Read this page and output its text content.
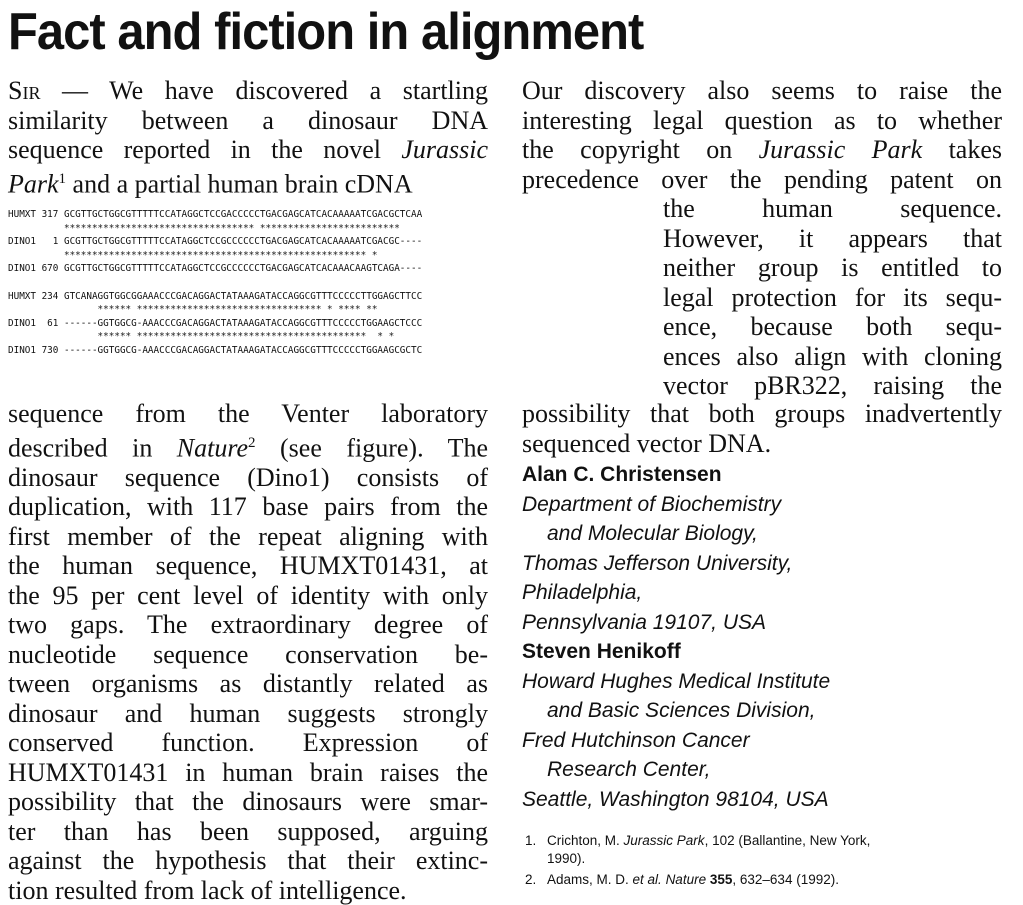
Fact and fiction in alignment
Sir — We have discovered a startling
similarity between a dinosaur DNA
sequence reported in the novel Jurassic
Park$^1$ and a partial human brain cDNA
HUMXT 317 GCGTTGCTGGCGTTTTTCCATAGGCTCCGACCCCCTGACGAGCATCACAAAAATCGACGCTCAA
********************************** *************************
DINO1   1 GCGTTGCTGGCGTTTTTCCATAGGCTCCGCCCCCCTGACGAGCATCACAAAAATCGACGC----
****************************************************** *
DINO1 670 GCGTTGCTGGCGTTTTTCCATAGGCTCCGCCCCCCTGACGAGCATCACAAACAAGTCAGA----

HUMXT 234 GTCANAGGTGGCGGAAACCCGACAGGACTATAAAGATACCAGGCGTTTCCCCCTTGGAGCTTCC
****** ********************************* * **** **
DINO1  61 ------GGTGGCG-AAACCCGACAGGACTATAAAGATACCAGGCGTTTCCCCCTGGAAGCTCCC
****** *****************************************  * *
DINO1 730 ------GGTGGCG-AAACCCGACAGGACTATAAAGATACCAGGCGTTTCCCCCTGGAAGCGCTC
sequence from the Venter laboratory
described in Nature$^2$ (see figure). The
dinosaur sequence (Dino1) consists of
duplication, with 117 base pairs from the
first member of the repeat aligning with
the human sequence, HUMXT01431, at
the 95 per cent level of identity with only
two gaps. The extraordinary degree of
nucleotide sequence conservation be-
tween organisms as distantly related as
dinosaur and human suggests strongly
conserved function. Expression of
HUMXT01431 in human brain raises the
possibility that the dinosaurs were smar-
ter than has been supposed, arguing
against the hypothesis that their extinc-
tion resulted from lack of intelligence.
Our discovery also seems to raise the
interesting legal question as to whether
the copyright on Jurassic Park takes
precedence over the pending patent on
the human sequence.
However, it appears that
neither group is entitled to
legal protection for its sequ-
ence, because both sequ-
ences also align with cloning
vector pBR322, raising the
possibility that both groups inadvertently
sequenced vector DNA.
Alan C. Christensen
Department of Biochemistry
and Molecular Biology,
Thomas Jefferson University,
Philadelphia,
Pennsylvania 19107, USA
Steven Henikoff
Howard Hughes Medical Institute
and Basic Sciences Division,
Fred Hutchinson Cancer
Research Center,
Seattle, Washington 98104, USA
1. Crichton, M. Jurassic Park, 102 (Ballantine, New York,
1990).
2. Adams, M. D. et al. Nature 355, 632–634 (1992).
